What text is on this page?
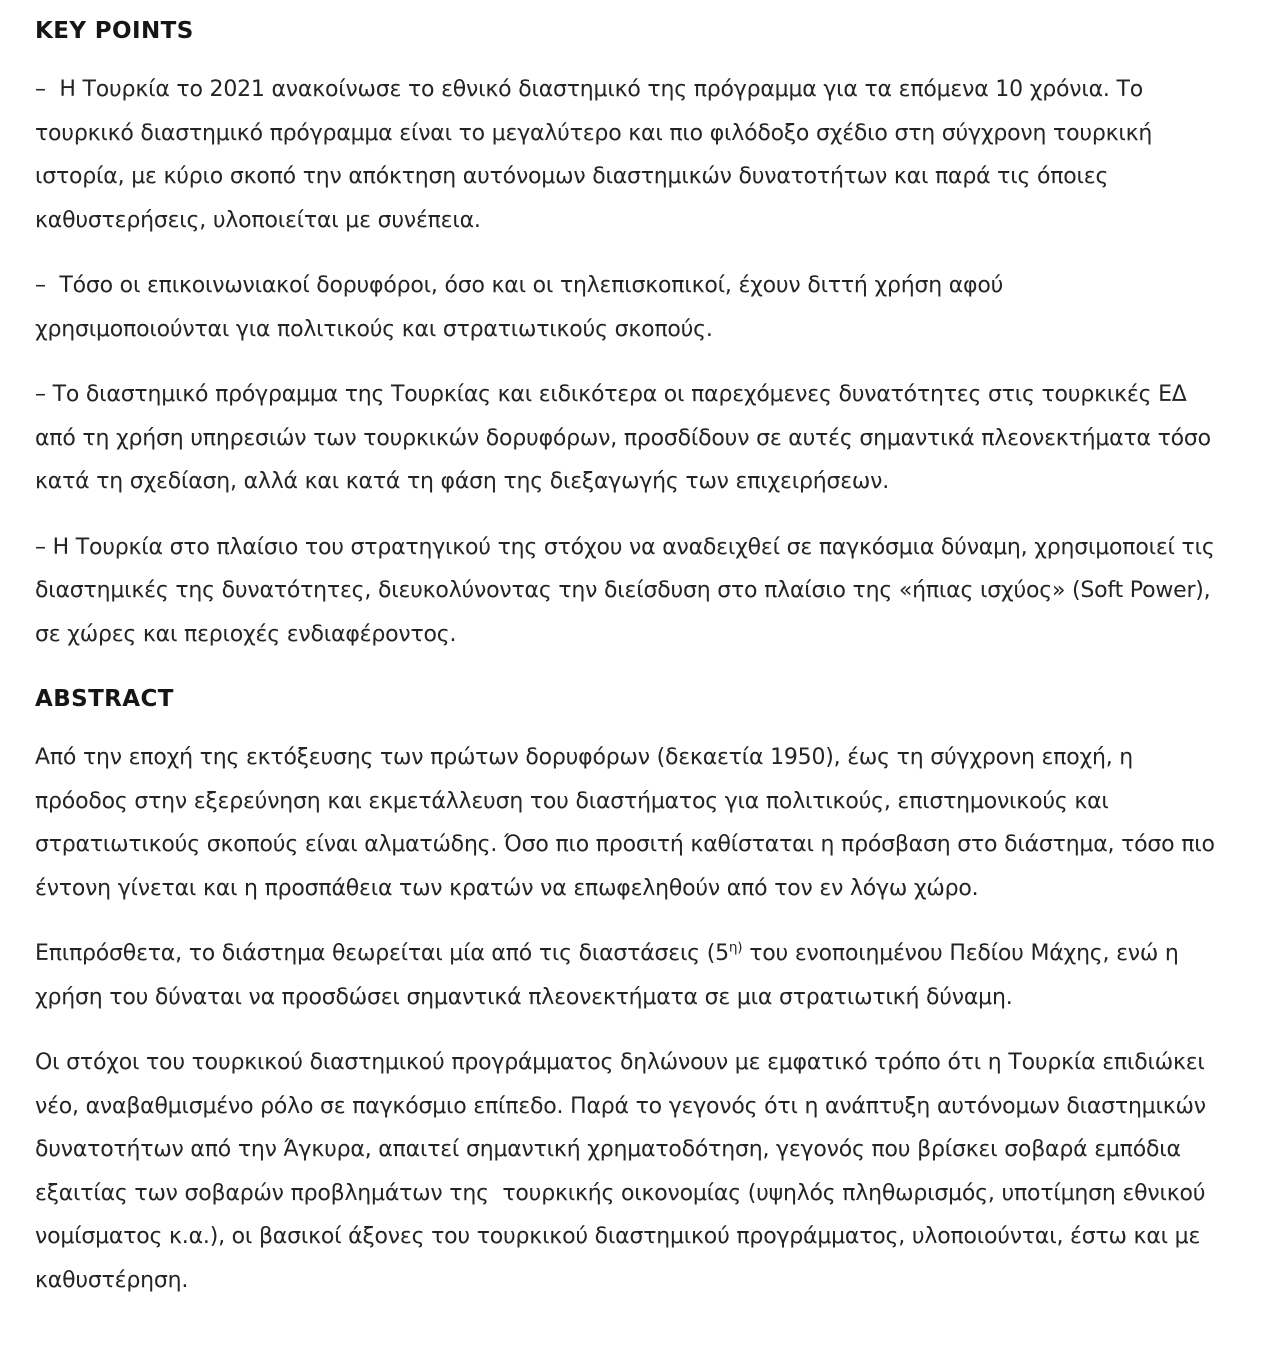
KEY POINTS

–  Η Τουρκία το 2021 ανακοίνωσε το εθνικό διαστημικό της πρόγραμμα για τα επόμενα 10 χρόνια. Το
τουρκικό διαστημικό πρόγραμμα είναι το μεγαλύτερο και πιο φιλόδοξο σχέδιο στη σύγχρονη τουρκική
ιστορία, με κύριο σκοπό την απόκτηση αυτόνομων διαστημικών δυνατοτήτων και παρά τις όποιες
καθυστερήσεις, υλοποιείται με συνέπεια.

–  Τόσο οι επικοινωνιακοί δορυφόροι, όσο και οι τηλεπισκοπικοί, έχουν διττή χρήση αφού
χρησιμοποιούνται για πολιτικούς και στρατιωτικούς σκοπούς.

– Το διαστημικό πρόγραμμα της Τουρκίας και ειδικότερα οι παρεχόμενες δυνατότητες στις τουρκικές ΕΔ
από τη χρήση υπηρεσιών των τουρκικών δορυφόρων, προσδίδουν σε αυτές σημαντικά πλεονεκτήματα τόσο
κατά τη σχεδίαση, αλλά και κατά τη φάση της διεξαγωγής των επιχειρήσεων.

– Η Τουρκία στο πλαίσιο του στρατηγικού της στόχου να αναδειχθεί σε παγκόσμια δύναμη, χρησιμοποιεί τις
διαστημικές της δυνατότητες, διευκολύνοντας την διείσδυση στο πλαίσιο της «ήπιας ισχύος» (Soft Power),
σε χώρες και περιοχές ενδιαφέροντος.

ABSTRACT

Από την εποχή της εκτόξευσης των πρώτων δορυφόρων (δεκαετία 1950), έως τη σύγχρονη εποχή, η
πρόοδος στην εξερεύνηση και εκμετάλλευση του διαστήματος για πολιτικούς, επιστημονικούς και
στρατιωτικούς σκοπούς είναι αλματώδης. Όσο πιο προσιτή καθίσταται η πρόσβαση στο διάστημα, τόσο πιο
έντονη γίνεται και η προσπάθεια των κρατών να επωφεληθούν από τον εν λόγω χώρο.

Επιπρόσθετα, το διάστημα θεωρείται μία από τις διαστάσεις (5$^{\eta)}$ του ενοποιημένου Πεδίου Μάχης, ενώ η
χρήση του δύναται να προσδώσει σημαντικά πλεονεκτήματα σε μια στρατιωτική δύναμη.

Οι στόχοι του τουρκικού διαστημικού προγράμματος δηλώνουν με εμφατικό τρόπο ότι η Τουρκία επιδιώκει
νέο, αναβαθμισμένο ρόλο σε παγκόσμιο επίπεδο. Παρά το γεγονός ότι η ανάπτυξη αυτόνομων διαστημικών
δυνατοτήτων από την Άγκυρα, απαιτεί σημαντική χρηματοδότηση, γεγονός που βρίσκει σοβαρά εμπόδια
εξαιτίας των σοβαρών προβλημάτων της  τουρκικής οικονομίας (υψηλός πληθωρισμός, υποτίμηση εθνικού
νομίσματος κ.α.), οι βασικοί άξονες του τουρκικού διαστημικού προγράμματος, υλοποιούνται, έστω και με
καθυστέρηση.
